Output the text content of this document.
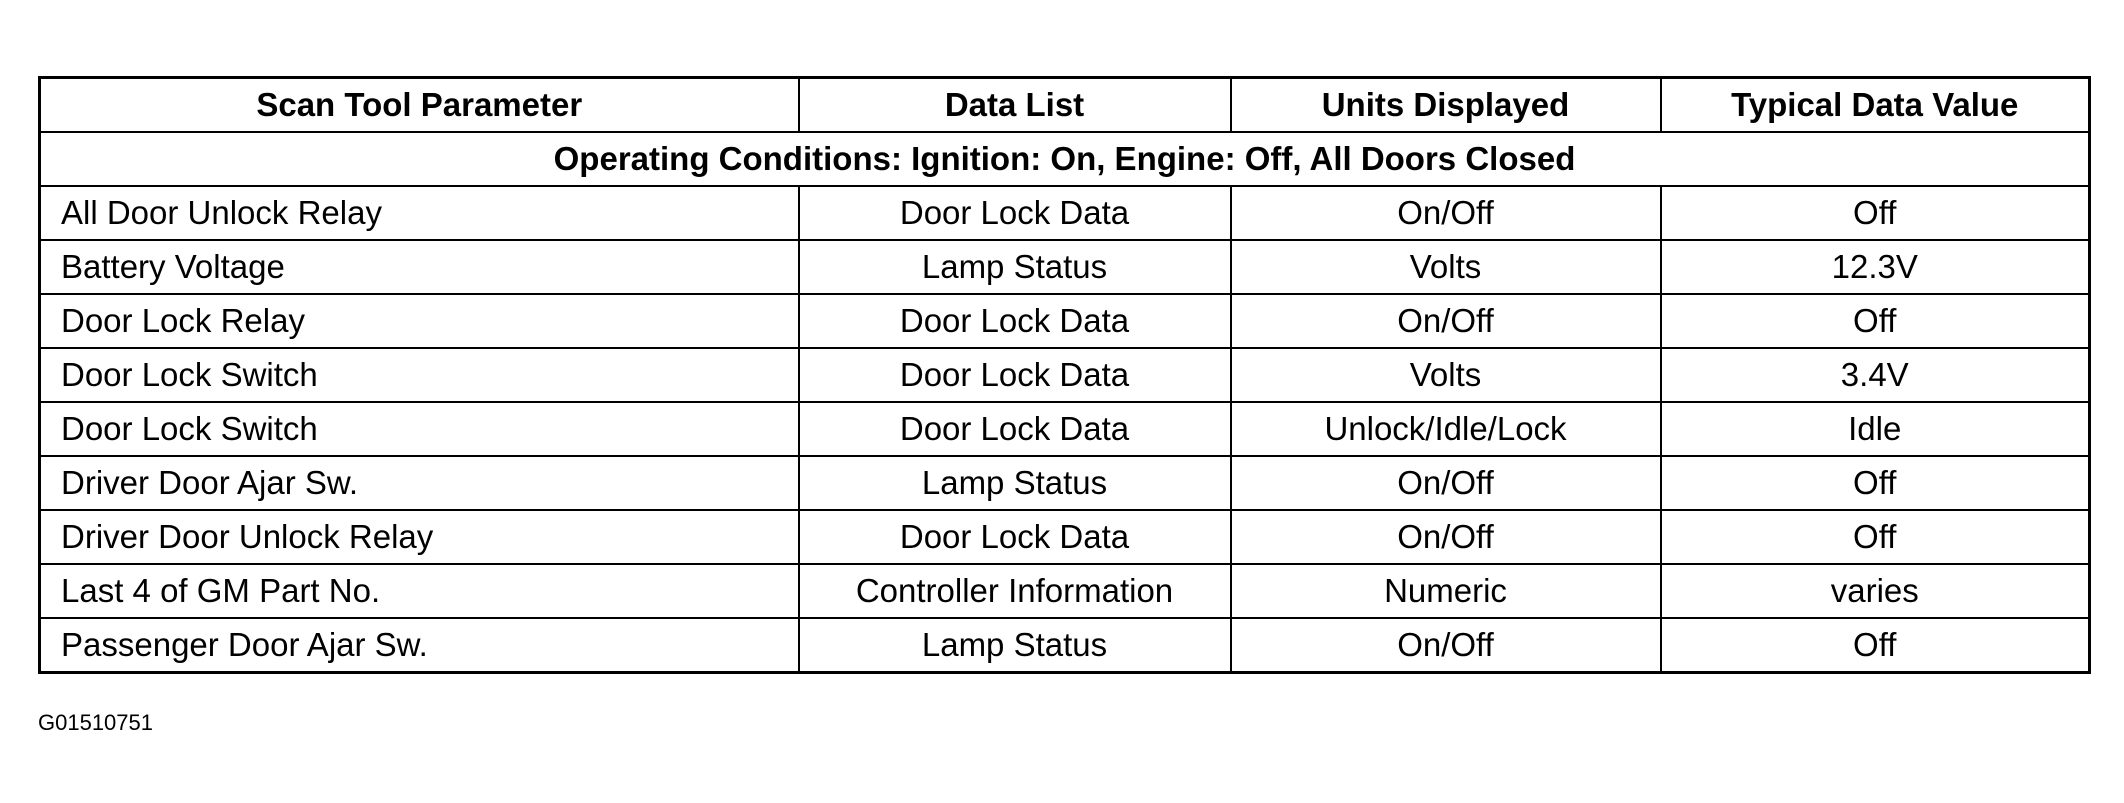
Scan Tool Parameter	Data List	Units Displayed	Typical Data Value
Operating Conditions: Ignition: On, Engine: Off, All Doors Closed			
All Door Unlock Relay	Door Lock Data	On/Off	Off
Battery Voltage	Lamp Status	Volts	12.3V
Door Lock Relay	Door Lock Data	On/Off	Off
Door Lock Switch	Door Lock Data	Volts	3.4V
Door Lock Switch	Door Lock Data	Unlock/Idle/Lock	Idle
Driver Door Ajar Sw.	Lamp Status	On/Off	Off
Driver Door Unlock Relay	Door Lock Data	On/Off	Off
Last 4 of GM Part No.	Controller Information	Numeric	varies
Passenger Door Ajar Sw.	Lamp Status	On/Off	Off
G01510751
